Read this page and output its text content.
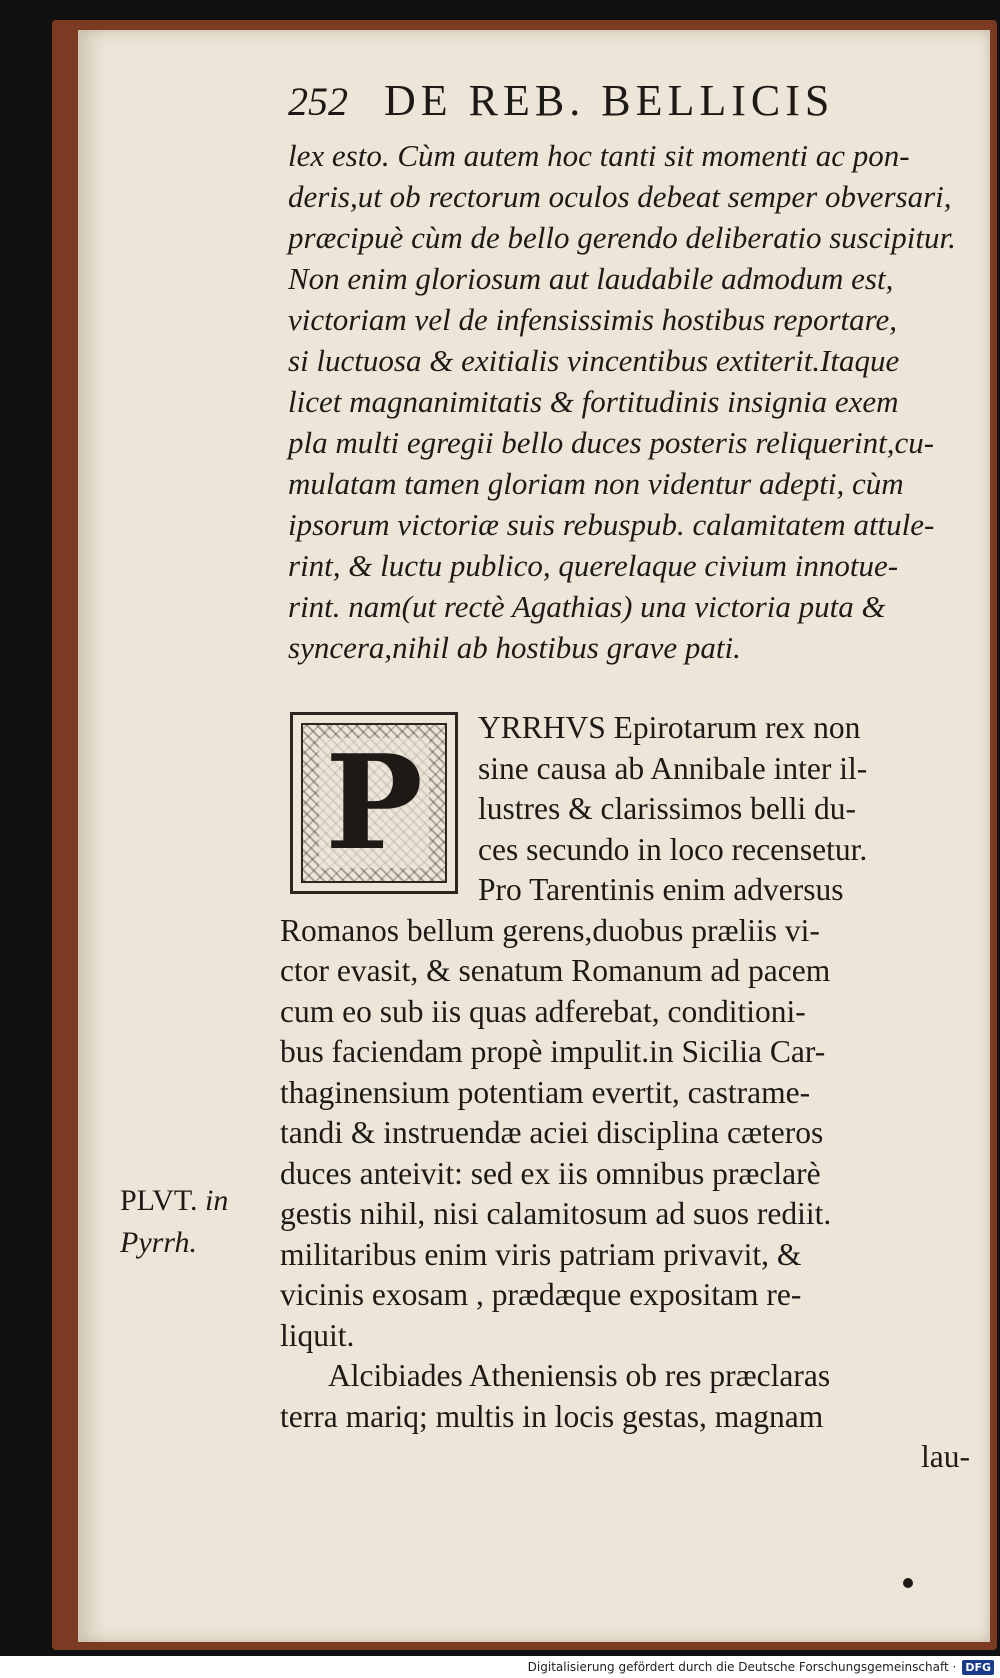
252 DE REB. BELLICIS
lex esto. Cùm autem hoc tanti sit momenti ac pon-
deris,ut ob rectorum oculos debeat semper obversari,
præcipuè cùm de bello gerendo deliberatio suscipitur.
Non enim gloriosum aut laudabile admodum est,
victoriam vel de infensissimis hostibus reportare,
si luctuosa & exitialis vincentibus extiterit.Itaque
licet magnanimitatis & fortitudinis insignia exem
pla multi egregii bello duces posteris reliquerint,cu-
mulatam tamen gloriam non videntur adepti, cùm
ipsorum victoriæ suis rebuspub. calamitatem attule-
rint, & luctu publico, querelaque civium innotue-
rint. nam(ut rectè Agathias) una victoria puta &
syncera,nihil ab hostibus grave pati.
YRRHVS Epirotarum rex non
sine causa ab Annibale inter il-
lustres & clarissimos belli du-
ces secundo in loco recensetur.
Pro Tarentinis enim adversus
Romanos bellum gerens,duobus præliis vi-
ctor evasit, & senatum Romanum ad pacem
cum eo sub iis quas adferebat, conditioni-
bus faciendam propè impulit.in Sicilia Car-
thaginensium potentiam evertit, castrame-
tandi & instruendæ aciei disciplina cæteros
duces anteivit: sed ex iis omnibus præclarè
gestis nihil, nisi calamitosum ad suos rediit.
militaribus enim viris patriam privavit, &
vicinis exosam , prædæque expositam re-
liquit.
Alcibiades Atheniensis ob res præclaras
terra mariq; multis in locis gestas, magnam
lau-
P
PLVT. in
Pyrrh.
Digitalisierung gefördert durch die Deutsche Forschungsgemeinschaft · DFG
